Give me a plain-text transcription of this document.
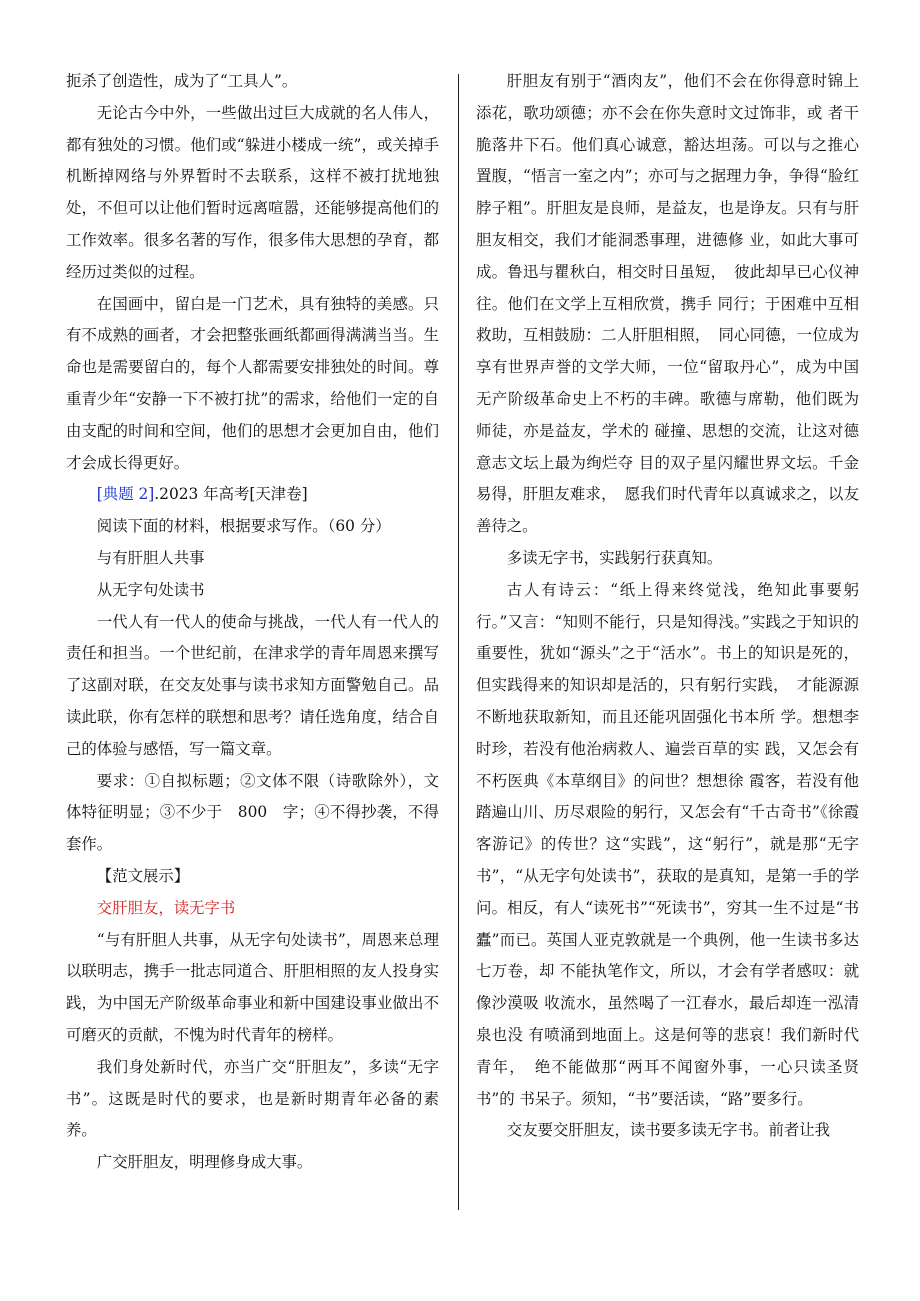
扼杀了创造性，成为了“工具人”。

无论古今中外，一些做出过巨大成就的名人伟人，都有独处的习惯。他们或“躲进小楼成一统”，或关掉手机断掉网络与外界暂时不去联系，这样不被打扰地独处，不但可以让他们暂时远离喧嚣，还能够提高他们的工作效率。很多名著的写作，很多伟大思想的孕育，都经历过类似的过程。

在国画中，留白是一门艺术，具有独特的美感。只有不成熟的画者，才会把整张画纸都画得满满当当。生命也是需要留白的，每个人都需要安排独处的时间。尊重青少年“安静一下不被打扰”的需求，给他们一定的自由支配的时间和空间，他们的思想才会更加自由，他们才会成长得更好。

[典题 2].2023 年高考[天津卷]

阅读下面的材料，根据要求写作。（60 分）

与有肝胆人共事

从无字句处读书

一代人有一代人的使命与挑战，一代人有一代人的责任和担当。一个世纪前，在津求学的青年周恩来撰写了这副对联，在交友处事与读书求知方面警勉自己。品读此联，你有怎样的联想和思考？请任选角度，结合自己的体验与感悟，写一篇文章。

要求：①自拟标题；②文体不限（诗歌除外），文体特征明显；③不少于　800　字；④不得抄袭，不得套作。

【范文展示】

交肝胆友，读无字书

“与有肝胆人共事，从无字句处读书”，周恩来总理以联明志，携手一批志同道合、肝胆相照的友人投身实践，为中国无产阶级革命事业和新中国建设事业做出不可磨灭的贡献，不愧为时代青年的榜样。

我们身处新时代，亦当广交“肝胆友”，多读“无字书”。这既是时代的要求，也是新时期青年必备的素 养。

广交肝胆友，明理修身成大事。

肝胆友有别于“酒肉友”，他们不会在你得意时锦上添花，歌功颂德；亦不会在你失意时文过饰非，或 者干脆落井下石。他们真心诚意，豁达坦荡。可以与之推心置腹，“悟言一室之内”；亦可与之据理力争，争得“脸红脖子粗”。肝胆友是良师，是益友，也是诤友。只有与肝胆友相交，我们才能洞悉事理，进德修 业，如此大事可成。鲁迅与瞿秋白，相交时日虽短，　彼此却早已心仪神往。他们在文学上互相欣赏，携手 同行；于困难中互相救助，互相鼓励：二人肝胆相照，　同心同德，一位成为享有世界声誉的文学大师，一位“留取丹心”，成为中国无产阶级革命史上不朽的丰碑。歌德与席勒，他们既为师徒，亦是益友，学术的 碰撞、思想的交流，让这对德意志文坛上最为绚烂夺 目的双子星闪耀世界文坛。千金易得，肝胆友难求，　愿我们时代青年以真诚求之，以友善待之。

多读无字书，实践躬行获真知。

古人有诗云：“纸上得来终觉浅，绝知此事要躬行。”又言：“知则不能行，只是知得浅。”实践之于知识的重要性，犹如“源头”之于“活水”。书上的知识是死的，但实践得来的知识却是活的，只有躬行实践，　才能源源不断地获取新知，而且还能巩固强化书本所 学。想想李时珍，若没有他治病救人、遍尝百草的实 践，又怎会有不朽医典《本草纲目》的问世？想想徐 霞客，若没有他踏遍山川、历尽艰险的躬行，又怎会有“千古奇书”《徐霞客游记》的传世？这“实践”，这“躬行”，就是那“无字书”，“从无字句处读书”，获取的是真知，是第一手的学问。相反，有人“读死书”“死读书”，穷其一生不过是“书蠹”而已。英国人亚克敦就是一个典例，他一生读书多达七万卷，却 不能执笔作文，所以，才会有学者感叹：就像沙漠吸 收流水，虽然喝了一江春水，最后却连一泓清泉也没 有喷涌到地面上。这是何等的悲哀！我们新时代青年，　绝不能做那“两耳不闻窗外事，一心只读圣贤书”的 书呆子。须知，“书”要活读，“路”要多行。

交友要交肝胆友，读书要多读无字书。前者让我
